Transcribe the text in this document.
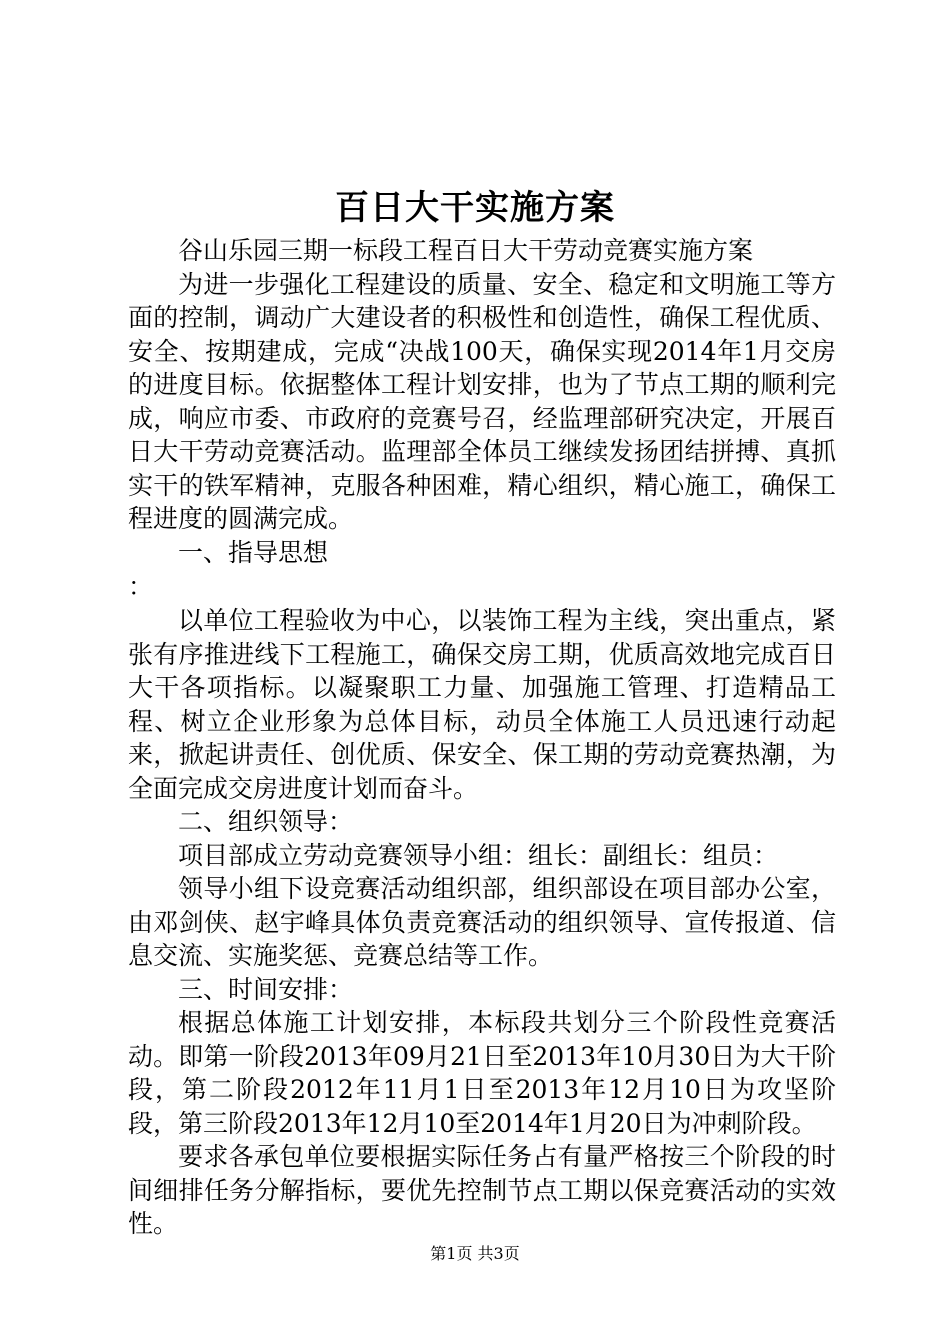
百日大干实施方案

谷山乐园三期一标段工程百日大干劳动竞赛实施方案

为进一步强化工程建设的质量、安全、稳定和文明施工等方面的控制，调动广大建设者的积极性和创造性，确保工程优质、安全、按期建成，完成“决战100天，确保实现2014年1月交房的进度目标。依据整体工程计划安排，也为了节点工期的顺利完成，响应市委、市政府的竞赛号召，经监理部研究决定，开展百日大干劳动竞赛活动。监理部全体员工继续发扬团结拼搏、真抓实干的铁军精神，克服各种困难，精心组织，精心施工，确保工程进度的圆满完成。

一、指导思想

：

以单位工程验收为中心，以装饰工程为主线，突出重点，紧张有序推进线下工程施工，确保交房工期，优质高效地完成百日大干各项指标。以凝聚职工力量、加强施工管理、打造精品工程、树立企业形象为总体目标，动员全体施工人员迅速行动起来，掀起讲责任、创优质、保安全、保工期的劳动竞赛热潮，为全面完成交房进度计划而奋斗。

二、组织领导：

项目部成立劳动竞赛领导小组：组长：副组长：组员：

领导小组下设竞赛活动组织部，组织部设在项目部办公室，由邓剑侠、赵宇峰具体负责竞赛活动的组织领导、宣传报道、信息交流、实施奖惩、竞赛总结等工作。

三、时间安排：

根据总体施工计划安排，本标段共划分三个阶段性竞赛活动。即第一阶段2013年09月21日至2013年10月30日为大干阶段，第二阶段2012年11月1日至2013年12月10日为攻坚阶段，第三阶段2013年12月10至2014年1月20日为冲刺阶段。

要求各承包单位要根据实际任务占有量严格按三个阶段的时间细排任务分解指标，要优先控制节点工期以保竞赛活动的实效性。

第1页 共3页
